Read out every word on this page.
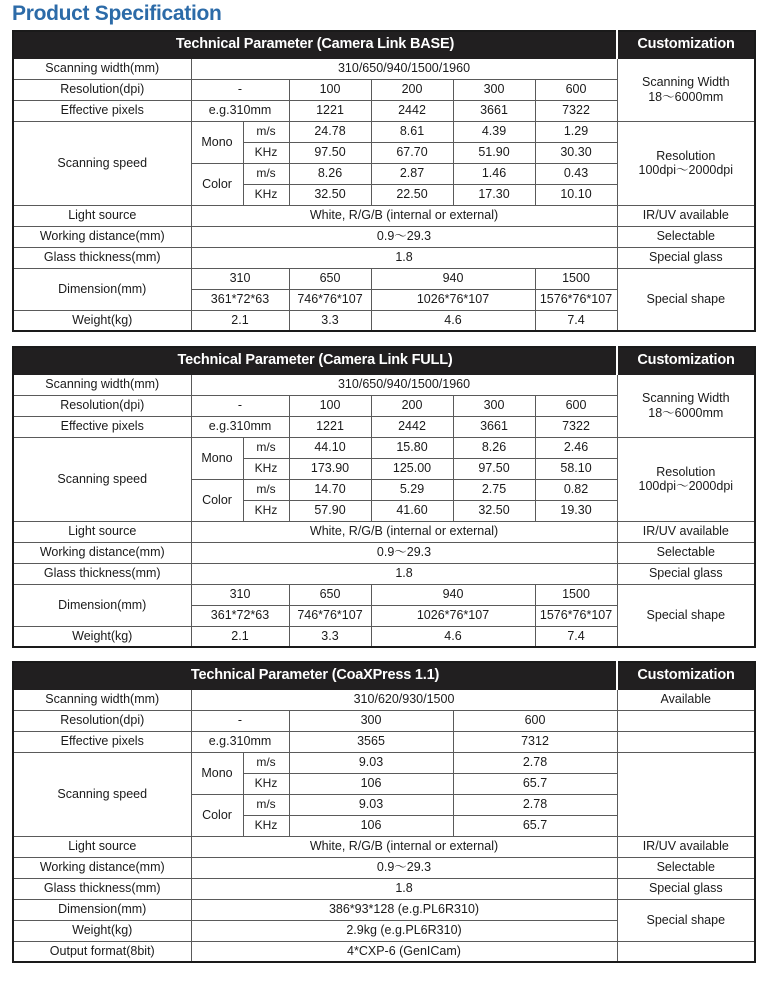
Product Specification
Technical Parameter (Camera Link BASE)							Customization
Scanning width(mm)	310/650/940/1500/1960						Scanning Width
18〜6000mm
Resolution(dpi)	-		100	200	300	600	
Effective pixels	e.g.310mm		1221	2442	3661	7322	
Scanning speed	Mono	m/s	24.78	8.61	4.39	1.29	Resolution
100dpi〜2000dpi
		KHz	97.50	67.70	51.90	30.30	
	Color	m/s	8.26	2.87	1.46	0.43	
		KHz	32.50	22.50	17.30	10.10	
Light source	White, R/G/B (internal or external)						IR/UV available
Working distance(mm)	0.9〜29.3						Selectable
Glass thickness(mm)	1.8						Special glass
Dimension(mm)	310		650	940		1500	Special shape
	361*72*63		746*76*107	1026*76*107		1576*76*107	
Weight(kg)	2.1		3.3	4.6		7.4	
Technical Parameter (Camera Link FULL)							Customization
Scanning width(mm)	310/650/940/1500/1960						Scanning Width
18〜6000mm
Resolution(dpi)	-		100	200	300	600	
Effective pixels	e.g.310mm		1221	2442	3661	7322	
Scanning speed	Mono	m/s	44.10	15.80	8.26	2.46	Resolution
100dpi〜2000dpi
		KHz	173.90	125.00	97.50	58.10	
	Color	m/s	14.70	5.29	2.75	0.82	
		KHz	57.90	41.60	32.50	19.30	
Light source	White, R/G/B (internal or external)						IR/UV available
Working distance(mm)	0.9〜29.3						Selectable
Glass thickness(mm)	1.8						Special glass
Dimension(mm)	310		650	940		1500	Special shape
	361*72*63		746*76*107	1026*76*107		1576*76*107	
Weight(kg)	2.1		3.3	4.6		7.4	
Technical Parameter (CoaXPress 1.1)					Customization
Scanning width(mm)	310/620/930/1500				Available
Resolution(dpi)	-		300	600	
Effective pixels	e.g.310mm		3565	7312	
Scanning speed	Mono	m/s	9.03	2.78	
		KHz	106	65.7	
	Color	m/s	9.03	2.78	
		KHz	106	65.7	
Light source	White, R/G/B (internal or external)				IR/UV available
Working distance(mm)	0.9〜29.3				Selectable
Glass thickness(mm)	1.8				Special glass
Dimension(mm)	386*93*128 (e.g.PL6R310)				Special shape
Weight(kg)	2.9kg (e.g.PL6R310)				
Output format(8bit)	4*CXP-6 (GenICam)				
